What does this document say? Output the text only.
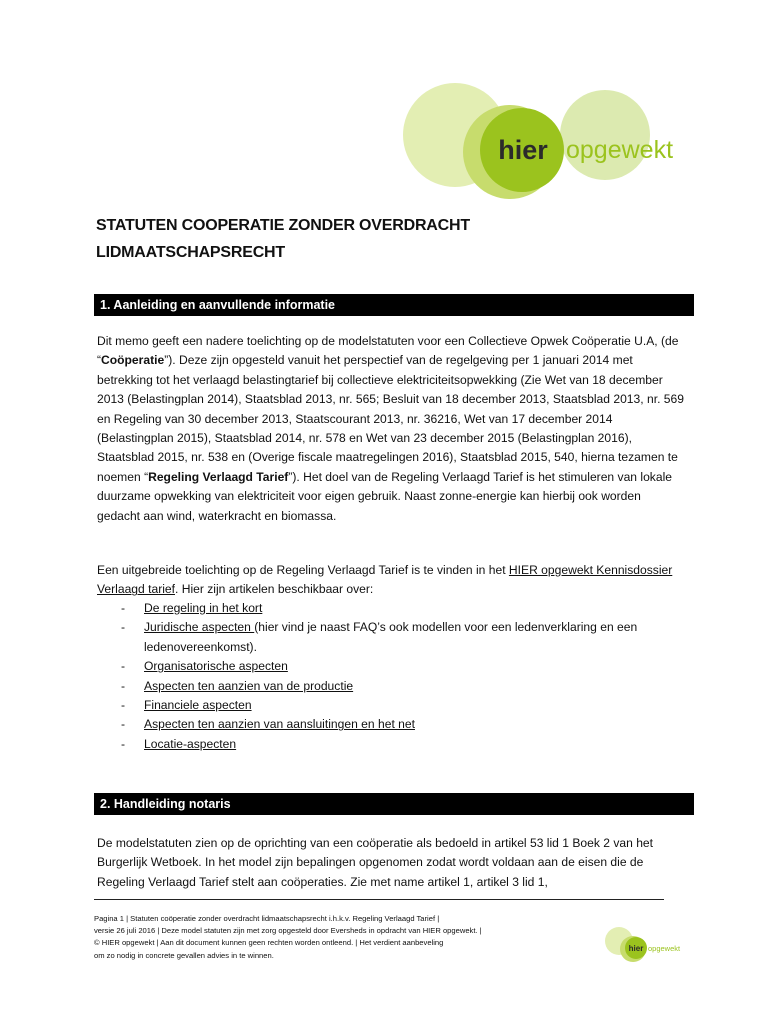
hier opgewekt
STATUTEN COOPERATIE ZONDER OVERDRACHT
LIDMAATSCHAPSRECHT
1. Aanleiding en aanvullende informatie

Dit memo geeft een nadere toelichting op de modelstatuten voor een Collectieve Opwek Coöperatie U.A, (de “Coöperatie”). Deze zijn opgesteld vanuit het perspectief van de regelgeving per 1 januari 2014 met betrekking tot het verlaagd belastingtarief bij collectieve elektriciteitsopwekking (Zie Wet van 18 december 2013 (Belastingplan 2014), Staatsblad 2013, nr. 565; Besluit van 18 december 2013, Staatsblad 2013, nr. 569 en Regeling van 30 december 2013, Staatscourant 2013, nr. 36216, Wet van 17 december 2014 (Belastingplan 2015), Staatsblad 2014, nr. 578 en Wet van 23 december 2015 (Belastingplan 2016), Staatsblad 2015, nr. 538 en (Overige fiscale maatregelingen 2016), Staatsblad 2015, 540, hierna tezamen te noemen “Regeling Verlaagd Tarief”). Het doel van de Regeling Verlaagd Tarief is het stimuleren van lokale duurzame opwekking van elektriciteit voor eigen gebruik. Naast zonne-energie kan hierbij ook worden gedacht aan wind, waterkracht en biomassa.

Een uitgebreide toelichting op de Regeling Verlaagd Tarief is te vinden in het HIER opgewekt Kennisdossier Verlaagd tarief. Hier zijn artikelen beschikbaar over:

- De regeling in het kort
- Juridische aspecten (hier vind je naast FAQ’s ook modellen voor een ledenverklaring en een ledenovereenkomst).
- Organisatorische aspecten
- Aspecten ten aanzien van de productie
- Financiele aspecten
- Aspecten ten aanzien van aansluitingen en het net
- Locatie-aspecten
2. Handleiding notaris

De modelstatuten zien op de oprichting van een coöperatie als bedoeld in artikel 53 lid 1 Boek 2 van het Burgerlijk Wetboek. In het model zijn bepalingen opgenomen zodat wordt voldaan aan de eisen die de Regeling Verlaagd Tarief stelt aan coöperaties. Zie met name artikel 1, artikel 3 lid 1,

Pagina 1 | Statuten coöperatie zonder overdracht lidmaatschapsrecht i.h.k.v. Regeling Verlaagd Tarief |
versie 26 juli 2016 | Deze model statuten zijn met zorg opgesteld door Eversheds in opdracht van HIER opgewekt. |
© HIER opgewekt | Aan dit document kunnen geen rechten worden ontleend. | Het verdient aanbeveling
om zo nodig in concrete gevallen advies in te winnen.
hier opgewekt
